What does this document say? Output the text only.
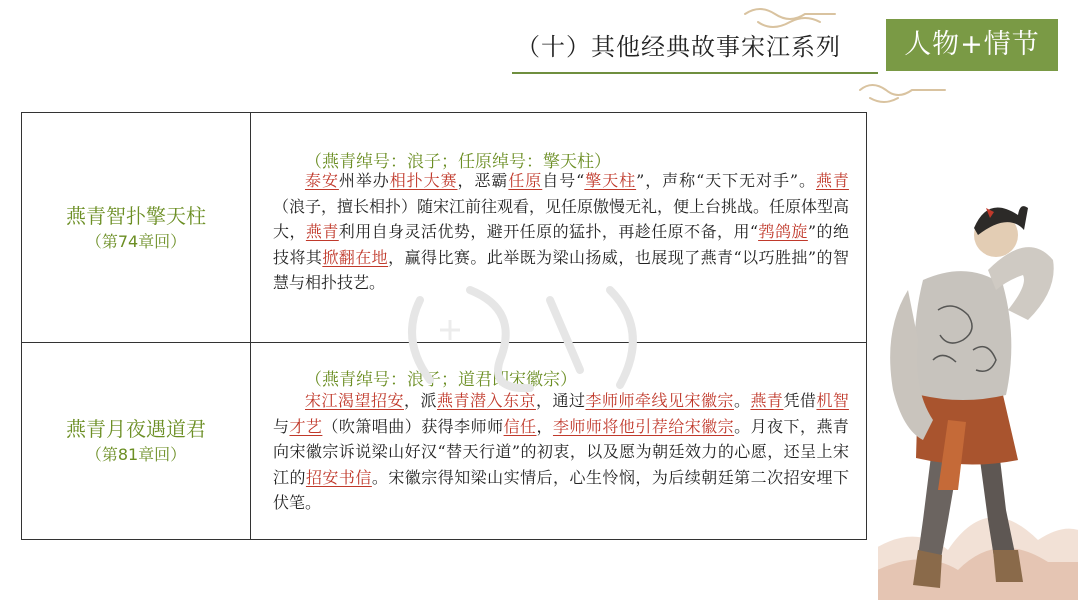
（十）其他经典故事宋江系列	人物+情节
燕青智扑擎天柱
（第74章回）
（燕青绰号：浪子；任原绰号：擎天柱）
泰安州举办相扑大赛，恶霸任原自号“擎天柱”，声称“天下无对手”。燕青（浪子，擅长相扑）随宋江前往观看，见任原傲慢无礼，便上台挑战。任原体型高大，燕青利用自身灵活优势，避开任原的猛扑，再趁任原不备，用“鹁鸽旋”的绝技将其掀翻在地，赢得比赛。此举既为梁山扬威，也展现了燕青“以巧胜拙”的智慧与相扑技艺。
燕青月夜遇道君
（第81章回）
（燕青绰号：浪子；道君即宋徽宗）
宋江渴望招安，派燕青潜入东京，通过李师师牵线见宋徽宗。燕青凭借机智与才艺（吹箫唱曲）获得李师师信任，李师师将他引荐给宋徽宗。月夜下，燕青向宋徽宗诉说梁山好汉“替天行道”的初衷，以及愿为朝廷效力的心愿，还呈上宋江的招安书信。宋徽宗得知梁山实情后，心生怜悯，为后续朝廷第二次招安埋下伏笔。
